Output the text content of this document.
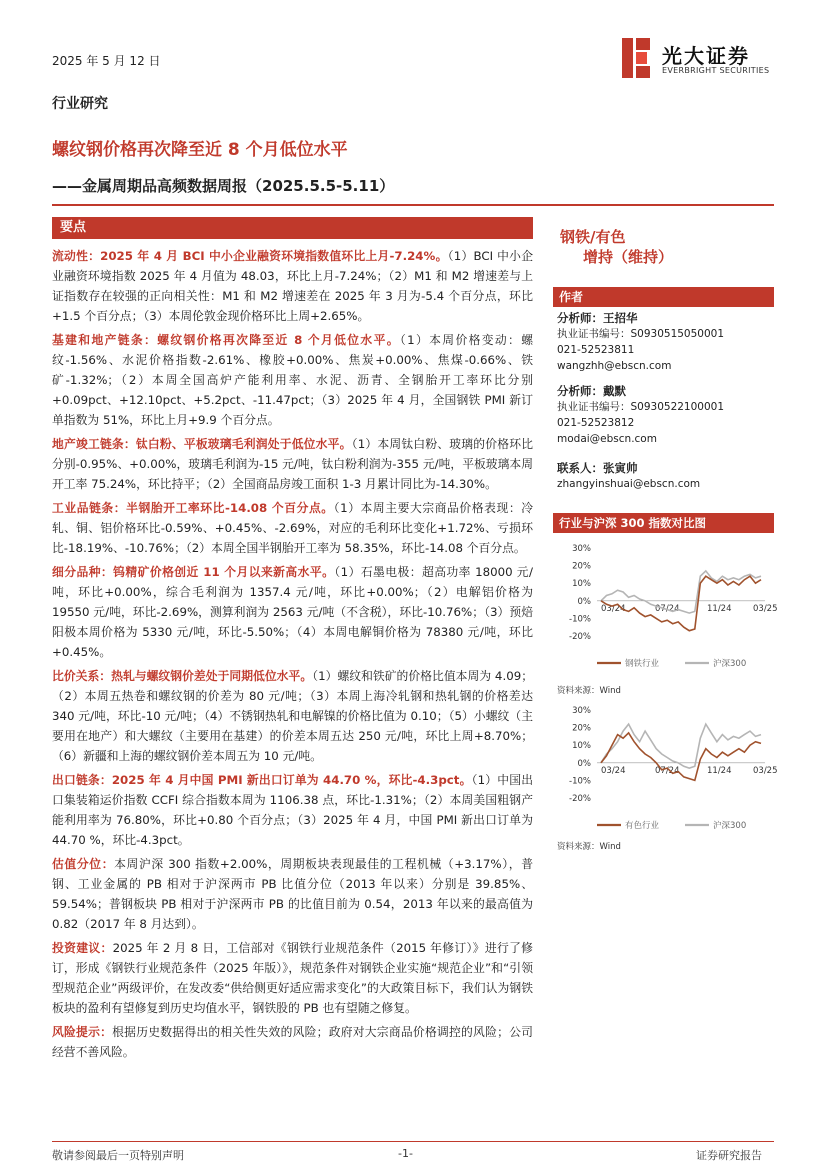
2025 年 5 月 12 日	光大证券
EVERBRIGHT SECURITIES
行业研究
螺纹钢价格再次降至近 8 个月低位水平
——金属周期品高频数据周报（2025.5.5-5.11）
要点

流动性：2025 年 4 月 BCI 中小企业融资环境指数值环比上月-7.24%。（1）BCI 中小企业融资环境指数 2025 年 4 月值为 48.03，环比上月-7.24%；（2）M1 和 M2 增速差与上证指数存在较强的正向相关性：M1 和 M2 增速差在 2025 年 3 月为-5.4 个百分点，环比+1.5 个百分点；（3）本周伦敦金现价格环比上周+2.65%。

基建和地产链条：螺纹钢价格再次降至近 8 个月低位水平。（1）本周价格变动：螺纹-1.56%、水泥价格指数-2.61%、橡胶+0.00%、焦炭+0.00%、焦煤-0.66%、铁矿-1.32%；（2）本周全国高炉产能利用率、水泥、沥青、全钢胎开工率环比分别+0.09pct、+12.10pct、+5.2pct、-11.47pct；（3）2025 年 4 月，全国钢铁 PMI 新订单指数为 51%，环比上月+9.9 个百分点。

地产竣工链条：钛白粉、平板玻璃毛利润处于低位水平。（1）本周钛白粉、玻璃的价格环比分别-0.95%、+0.00%，玻璃毛利润为-15 元/吨，钛白粉利润为-355 元/吨，平板玻璃本周开工率 75.24%，环比持平；（2）全国商品房竣工面积 1-3 月累计同比为-14.30%。

工业品链条：半钢胎开工率环比-14.08 个百分点。（1）本周主要大宗商品价格表现：冷轧、铜、铝价格环比-0.59%、+0.45%、-2.69%，对应的毛利环比变化+1.72%、亏损环比-18.19%、-10.76%；（2）本周全国半钢胎开工率为 58.35%，环比-14.08 个百分点。

细分品种：钨精矿价格创近 11 个月以来新高水平。（1）石墨电极：超高功率 18000 元/吨，环比+0.00%，综合毛利润为 1357.4 元/吨，环比+0.00%；（2）电解铝价格为 19550 元/吨，环比-2.69%，测算利润为 2563 元/吨（不含税），环比-10.76%；（3）预焙阳极本周价格为 5330 元/吨，环比-5.50%；（4）本周电解铜价格为 78380 元/吨，环比+0.45%。

比价关系：热轧与螺纹钢价差处于同期低位水平。（1）螺纹和铁矿的价格比值本周为 4.09；（2）本周五热卷和螺纹钢的价差为 80 元/吨；（3）本周上海冷轧钢和热轧钢的价格差达 340 元/吨，环比-10 元/吨；（4）不锈钢热轧和电解镍的价格比值为 0.10；（5）小螺纹（主要用在地产）和大螺纹（主要用在基建）的价差本周五达 250 元/吨，环比上周+8.70%；（6）新疆和上海的螺纹钢价差本周五为 10 元/吨。

出口链条：2025 年 4 月中国 PMI 新出口订单为 44.70 %，环比-4.3pct。（1）中国出口集装箱运价指数 CCFI 综合指数本周为 1106.38 点，环比-1.31%；（2）本周美国粗钢产能利用率为 76.80%，环比+0.80 个百分点；（3）2025 年 4 月，中国 PMI 新出口订单为 44.70 %，环比-4.3pct。

估值分位：本周沪深 300 指数+2.00%，周期板块表现最佳的工程机械（+3.17%），普钢、工业金属的 PB 相对于沪深两市 PB 比值分位（2013 年以来）分别是 39.85%、59.54%；普钢板块 PB 相对于沪深两市 PB 的比值目前为 0.54，2013 年以来的最高值为 0.82（2017 年 8 月达到）。

投资建议：2025 年 2 月 8 日，工信部对《钢铁行业规范条件（2015 年修订）》进行了修订，形成《钢铁行业规范条件（2025 年版）》，规范条件对钢铁企业实施“规范企业”和“引领型规范企业”两级评价，在发改委“供给侧更好适应需求变化”的大政策目标下，我们认为钢铁板块的盈利有望修复到历史均值水平，钢铁股的 PB 也有望随之修复。

风险提示：根据历史数据得出的相关性失效的风险；政府对大宗商品价格调控的风险；公司经营不善风险。

钢铁/有色
增持（维持）
作者
分析师：王招华
执业证书编号：S0930515050001
021-52523811
wangzhh@ebscn.com
分析师：戴默
执业证书编号：S0930522100001
021-52523812
modai@ebscn.com
联系人：张寅帅
zhangyinshuai@ebscn.com
行业与沪深 300 指数对比图
30%
20%
10%
0%
-10%
-20%
03/24	07/24	11/24	03/25
钢铁行业	沪深300
资料来源：Wind
30%
20%
10%
0%
-10%
-20%
03/24	07/24	11/24	03/25
有色行业	沪深300
资料来源：Wind
敬请参阅最后一页特别声明	-1-	证券研究报告
